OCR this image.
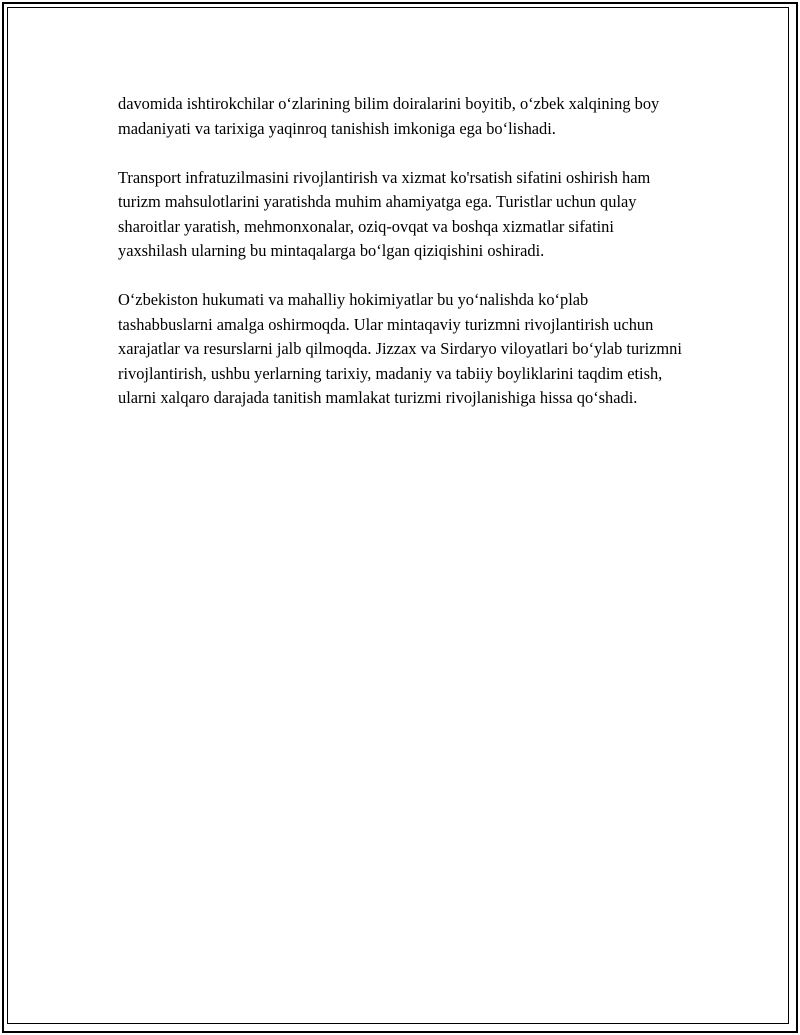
davomida ishtirokchilar o‘zlarining bilim doiralarini boyitib, o‘zbek xalqining boy madaniyati va tarixiga yaqinroq tanishish imkoniga ega bo‘lishadi.

Transport infratuzilmasini rivojlantirish va xizmat ko'rsatish sifatini oshirish ham turizm mahsulotlarini yaratishda muhim ahamiyatga ega. Turistlar uchun qulay sharoitlar yaratish, mehmonxonalar, oziq-ovqat va boshqa xizmatlar sifatini yaxshilash ularning bu mintaqalarga bo‘lgan qiziqishini oshiradi.

O‘zbekiston hukumati va mahalliy hokimiyatlar bu yo‘nalishda ko‘plab tashabbuslarni amalga oshirmoqda. Ular mintaqaviy turizmni rivojlantirish uchun xarajatlar va resurslarni jalb qilmoqda. Jizzax va Sirdaryo viloyatlari bo‘ylab turizmni rivojlantirish, ushbu yerlarning tarixiy, madaniy va tabiiy boyliklarini taqdim etish, ularni xalqaro darajada tanitish mamlakat turizmi rivojlanishiga hissa qo‘shadi.
